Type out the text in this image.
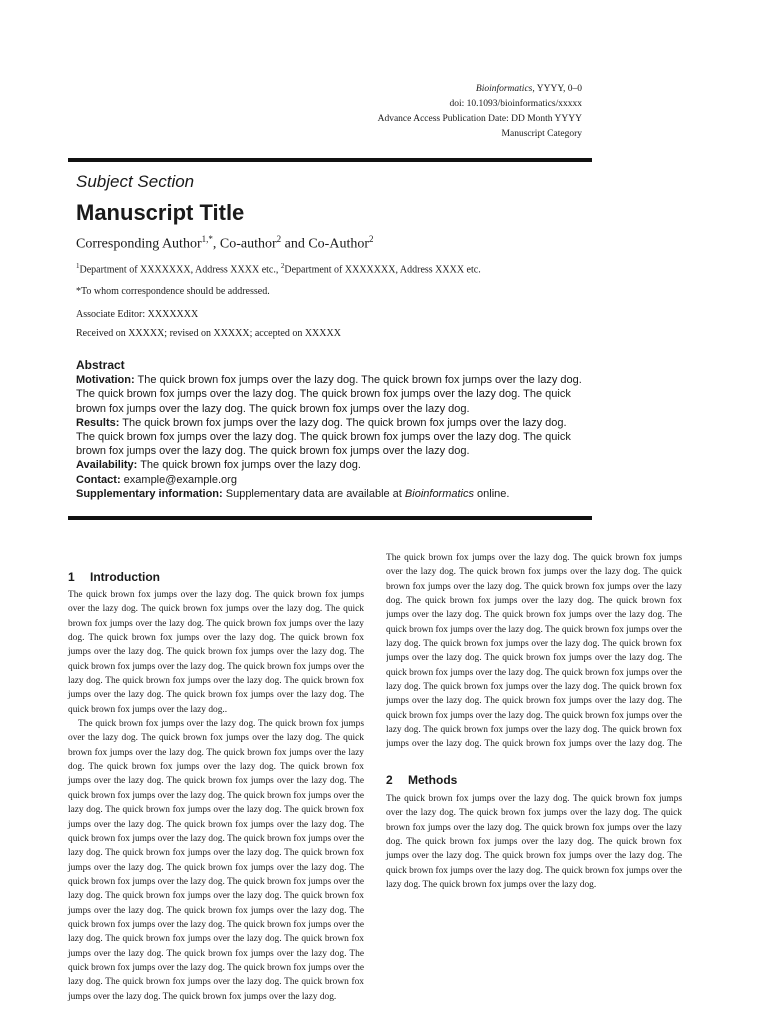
Bioinformatics, YYYY, 0–0
doi: 10.1093/bioinformatics/xxxxx
Advance Access Publication Date: DD Month YYYY
Manuscript Category
Subject Section
Manuscript Title
Corresponding Author$^{1,*}$, Co-author$^2$ and Co-Author$^2$
$^1$Department of XXXXXXX, Address XXXX etc., $^2$Department of XXXXXXX, Address XXXX etc.
*To whom correspondence should be addressed.
Associate Editor: XXXXXXX
Received on XXXXX; revised on XXXXX; accepted on XXXXX
Abstract

Motivation: The quick brown fox jumps over the lazy dog. The quick brown fox jumps over the lazy dog. The quick brown fox jumps over the lazy dog. The quick brown fox jumps over the lazy dog. The quick brown fox jumps over the lazy dog. The quick brown fox jumps over the lazy dog.

Results: The quick brown fox jumps over the lazy dog. The quick brown fox jumps over the lazy dog. The quick brown fox jumps over the lazy dog. The quick brown fox jumps over the lazy dog. The quick brown fox jumps over the lazy dog. The quick brown fox jumps over the lazy dog.

Availability: The quick brown fox jumps over the lazy dog.

Contact: example@example.org

Supplementary information: Supplementary data are available at Bioinformatics online.

1 Introduction

The quick brown fox jumps over the lazy dog. The quick brown fox jumps over the lazy dog. The quick brown fox jumps over the lazy dog. The quick brown fox jumps over the lazy dog. The quick brown fox jumps over the lazy dog. The quick brown fox jumps over the lazy dog. The quick brown fox jumps over the lazy dog. The quick brown fox jumps over the lazy dog. The quick brown fox jumps over the lazy dog. The quick brown fox jumps over the lazy dog. The quick brown fox jumps over the lazy dog. The quick brown fox jumps over the lazy dog. The quick brown fox jumps over the lazy dog. The quick brown fox jumps over the lazy dog..

The quick brown fox jumps over the lazy dog. The quick brown fox jumps over the lazy dog. The quick brown fox jumps over the lazy dog. The quick brown fox jumps over the lazy dog. The quick brown fox jumps over the lazy dog. The quick brown fox jumps over the lazy dog. The quick brown fox jumps over the lazy dog. The quick brown fox jumps over the lazy dog. The quick brown fox jumps over the lazy dog. The quick brown fox jumps over the lazy dog. The quick brown fox jumps over the lazy dog. The quick brown fox jumps over the lazy dog. The quick brown fox jumps over the lazy dog. The quick brown fox jumps over the lazy dog. The quick brown fox jumps over the lazy dog. The quick brown fox jumps over the lazy dog. The quick brown fox jumps over the lazy dog. The quick brown fox jumps over the lazy dog. The quick brown fox jumps over the lazy dog. The quick brown fox jumps over the lazy dog. The quick brown fox jumps over the lazy dog. The quick brown fox jumps over the lazy dog. The quick brown fox jumps over the lazy dog. The quick brown fox jumps over the lazy dog. The quick brown fox jumps over the lazy dog. The quick brown fox jumps over the lazy dog. The quick brown fox jumps over the lazy dog. The quick brown fox jumps over the lazy dog. The quick brown fox jumps over the lazy dog. The quick brown fox jumps over the lazy dog. The quick brown fox jumps over the lazy dog. The quick brown fox jumps over the lazy dog. The quick brown fox jumps over the lazy dog.

The quick brown fox jumps over the lazy dog. The quick brown fox jumps over the lazy dog. The quick brown fox jumps over the lazy dog. The quick brown fox jumps over the lazy dog. The quick brown fox jumps over the lazy dog. The quick brown fox jumps over the lazy dog. The quick brown fox jumps over the lazy dog. The quick brown fox jumps over the lazy dog. The quick brown fox jumps over the lazy dog. The quick brown fox jumps over the lazy dog. The quick brown fox jumps over the lazy dog. The quick brown fox jumps over the lazy dog. The quick brown fox jumps over the lazy dog. The quick brown fox jumps over the lazy dog. The quick brown fox jumps over the lazy dog. The quick brown fox jumps over the lazy dog. The quick brown fox jumps over the lazy dog. The quick brown fox jumps over the lazy dog. The quick brown fox jumps over the lazy dog. The quick brown fox jumps over the lazy dog. The quick brown fox jumps over the lazy dog. The quick brown fox jumps over the lazy dog. The quick brown fox jumps over the lazy dog. The

2 Methods

The quick brown fox jumps over the lazy dog. The quick brown fox jumps over the lazy dog. The quick brown fox jumps over the lazy dog. The quick brown fox jumps over the lazy dog. The quick brown fox jumps over the lazy dog. The quick brown fox jumps over the lazy dog. The quick brown fox jumps over the lazy dog. The quick brown fox jumps over the lazy dog. The quick brown fox jumps over the lazy dog. The quick brown fox jumps over the lazy dog. The quick brown fox jumps over the lazy dog.
